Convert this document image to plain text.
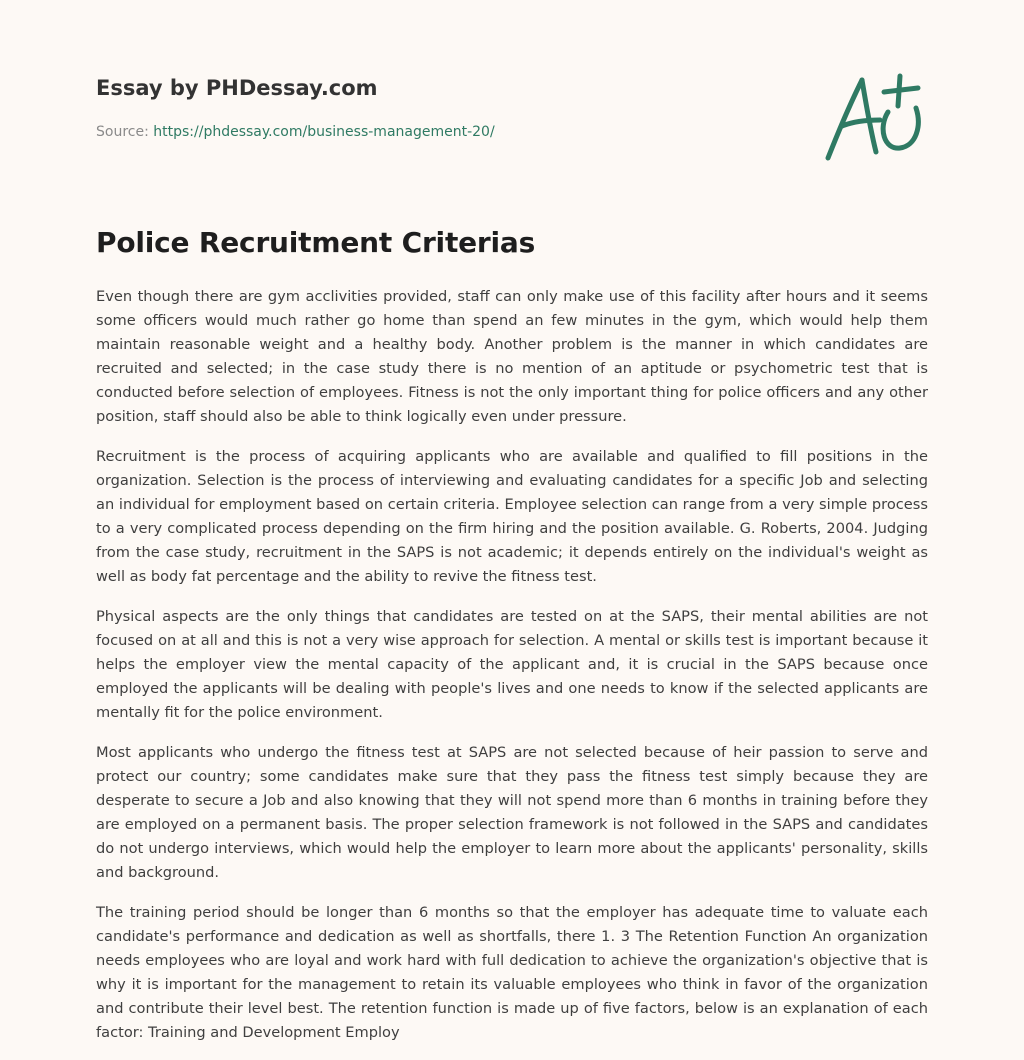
Essay by PHDessay.com
Source: https://phdessay.com/business-management-20/
Police Recruitment Criterias

Even though there are gym acclivities provided, staff can only make use of this facility after hours and it seems some officers would much rather go home than spend an few minutes in the gym, which would help them maintain reasonable weight and a healthy body. Another problem is the manner in which candidates are recruited and selected; in the case study there is no mention of an aptitude or psychometric test that is conducted before selection of employees. Fitness is not the only important thing for police officers and any other position, staff should also be able to think logically even under pressure.

Recruitment is the process of acquiring applicants who are available and qualified to fill positions in the organization. Selection is the process of interviewing and evaluating candidates for a specific Job and selecting an individual for employment based on certain criteria. Employee selection can range from a very simple process to a very complicated process depending on the firm hiring and the position available. G. Roberts, 2004. Judging from the case study, recruitment in the SAPS is not academic; it depends entirely on the individual's weight as well as body fat percentage and the ability to revive the fitness test.

Physical aspects are the only things that candidates are tested on at the SAPS, their mental abilities are not focused on at all and this is not a very wise approach for selection. A mental or skills test is important because it helps the employer view the mental capacity of the applicant and, it is crucial in the SAPS because once employed the applicants will be dealing with people's lives and one needs to know if the selected applicants are mentally fit for the police environment.

Most applicants who undergo the fitness test at SAPS are not selected because of heir passion to serve and protect our country; some candidates make sure that they pass the fitness test simply because they are desperate to secure a Job and also knowing that they will not spend more than 6 months in training before they are employed on a permanent basis. The proper selection framework is not followed in the SAPS and candidates do not undergo interviews, which would help the employer to learn more about the applicants' personality, skills and background.

The training period should be longer than 6 months so that the employer has adequate time to valuate each candidate's performance and dedication as well as shortfalls, there 1. 3 The Retention Function An organization needs employees who are loyal and work hard with full dedication to achieve the organization's objective that is why it is important for the management to retain its valuable employees who think in favor of the organization and contribute their level best. The retention function is made up of five factors, below is an explanation of each factor: Training and Development Employ
